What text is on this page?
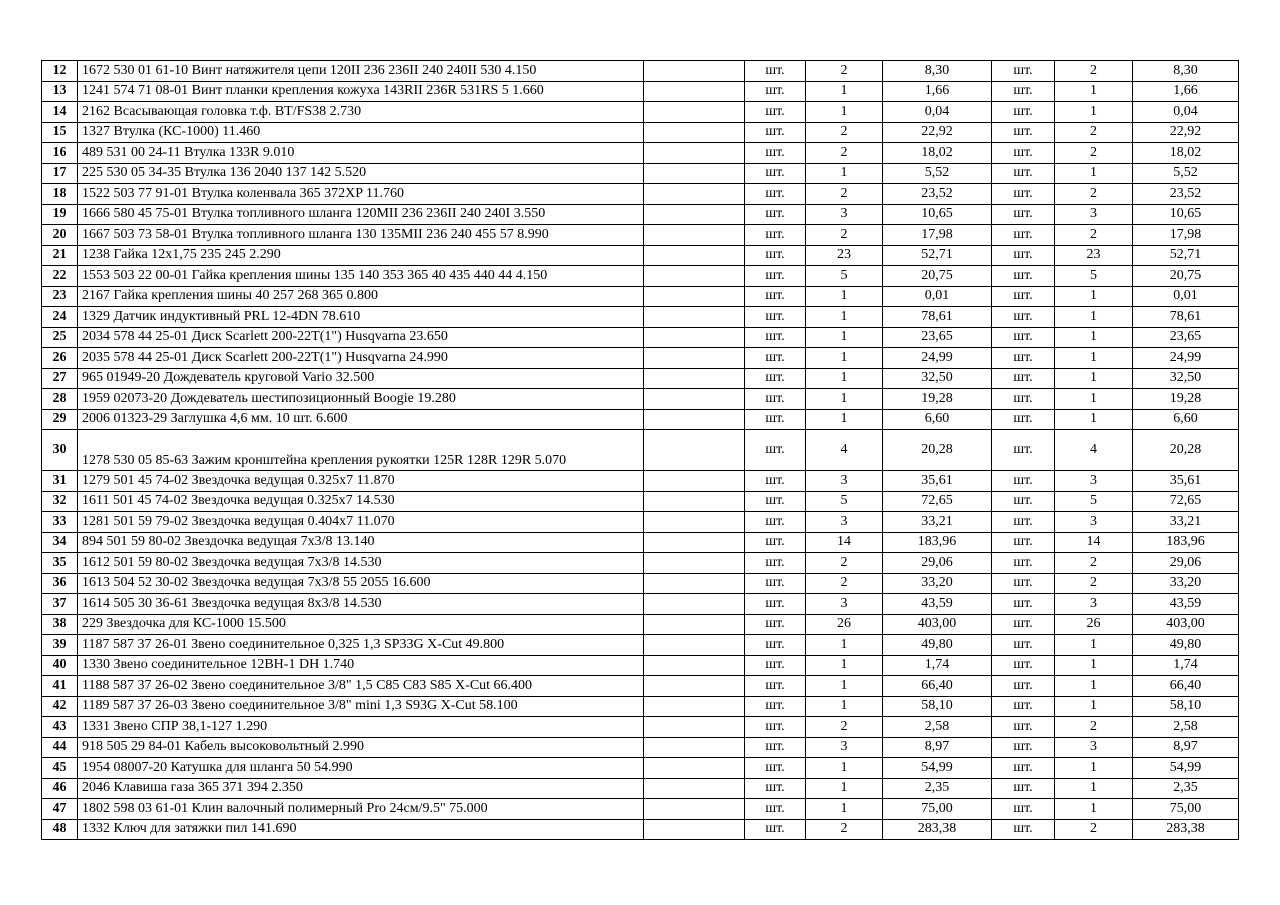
12	1672 530 01 61-10 Винт натяжителя цепи 120II 236 236II 240 240II 530 4.150		шт.	2	8,30	шт.	2	8,30
13	1241 574 71 08-01 Винт планки крепления кожуха 143RII 236R 531RS 5 1.660		шт.	1	1,66	шт.	1	1,66
14	2162 Всасывающая головка т.ф. BT/FS38 2.730		шт.	1	0,04	шт.	1	0,04
15	1327 Втулка (КС-1000) 11.460		шт.	2	22,92	шт.	2	22,92
16	489 531 00 24-11 Втулка 133R 9.010		шт.	2	18,02	шт.	2	18,02
17	225 530 05 34-35 Втулка 136 2040 137 142 5.520		шт.	1	5,52	шт.	1	5,52
18	1522 503 77 91-01 Втулка коленвала 365 372XP 11.760		шт.	2	23,52	шт.	2	23,52
19	1666 580 45 75-01 Втулка топливного шланга 120MII 236 236II 240 240I 3.550		шт.	3	10,65	шт.	3	10,65
20	1667 503 73 58-01 Втулка топливного шланга 130 135MII 236 240 455 57 8.990		шт.	2	17,98	шт.	2	17,98
21	1238 Гайка 12х1,75 235 245 2.290		шт.	23	52,71	шт.	23	52,71
22	1553 503 22 00-01 Гайка крепления шины 135 140 353 365 40 435 440 44 4.150		шт.	5	20,75	шт.	5	20,75
23	2167 Гайка крепления шины 40 257 268 365 0.800		шт.	1	0,01	шт.	1	0,01
24	1329 Датчик индуктивный PRL 12-4DN 78.610		шт.	1	78,61	шт.	1	78,61
25	2034 578 44 25-01 Диск Scarlett 200-22T(1") Husqvarna 23.650		шт.	1	23,65	шт.	1	23,65
26	2035 578 44 25-01 Диск Scarlett 200-22T(1") Husqvarna 24.990		шт.	1	24,99	шт.	1	24,99
27	965 01949-20 Дождеватель круговой Vario 32.500		шт.	1	32,50	шт.	1	32,50
28	1959 02073-20 Дождеватель шестипозиционный Boogie 19.280		шт.	1	19,28	шт.	1	19,28
29	2006 01323-29 Заглушка 4,6 мм. 10 шт. 6.600		шт.	1	6,60	шт.	1	6,60
30	1278 530 05 85-63 Зажим кронштейна крепления рукоятки 125R 128R 129R 5.070		шт.	4	20,28	шт.	4	20,28
31	1279 501 45 74-02 Звездочка ведущая 0.325х7 11.870		шт.	3	35,61	шт.	3	35,61
32	1611 501 45 74-02 Звездочка ведущая 0.325х7 14.530		шт.	5	72,65	шт.	5	72,65
33	1281 501 59 79-02 Звездочка ведущая 0.404х7 11.070		шт.	3	33,21	шт.	3	33,21
34	894 501 59 80-02 Звездочка ведущая 7х3/8 13.140		шт.	14	183,96	шт.	14	183,96
35	1612 501 59 80-02 Звездочка ведущая 7х3/8 14.530		шт.	2	29,06	шт.	2	29,06
36	1613 504 52 30-02 Звездочка ведущая 7х3/8 55 2055 16.600		шт.	2	33,20	шт.	2	33,20
37	1614 505 30 36-61 Звездочка ведущая 8х3/8 14.530		шт.	3	43,59	шт.	3	43,59
38	229 Звездочка для КС-1000 15.500		шт.	26	403,00	шт.	26	403,00
39	1187 587 37 26-01 Звено соединительное 0,325 1,3 SP33G X-Cut 49.800		шт.	1	49,80	шт.	1	49,80
40	1330 Звено соединительное 12ВН-1 DH 1.740		шт.	1	1,74	шт.	1	1,74
41	1188 587 37 26-02 Звено соединительное 3/8" 1,5 C85 C83 S85 X-Cut 66.400		шт.	1	66,40	шт.	1	66,40
42	1189 587 37 26-03 Звено соединительное 3/8" mini 1,3 S93G X-Cut 58.100		шт.	1	58,10	шт.	1	58,10
43	1331 Звено СПР 38,1-127 1.290		шт.	2	2,58	шт.	2	2,58
44	918 505 29 84-01 Кабель высоковольтный 2.990		шт.	3	8,97	шт.	3	8,97
45	1954 08007-20 Катушка для шланга 50 54.990		шт.	1	54,99	шт.	1	54,99
46	2046 Клавиша газа 365 371 394 2.350		шт.	1	2,35	шт.	1	2,35
47	1802 598 03 61-01 Клин валочный полимерный Pro 24см/9.5" 75.000		шт.	1	75,00	шт.	1	75,00
48	1332 Ключ для затяжки пил 141.690		шт.	2	283,38	шт.	2	283,38
